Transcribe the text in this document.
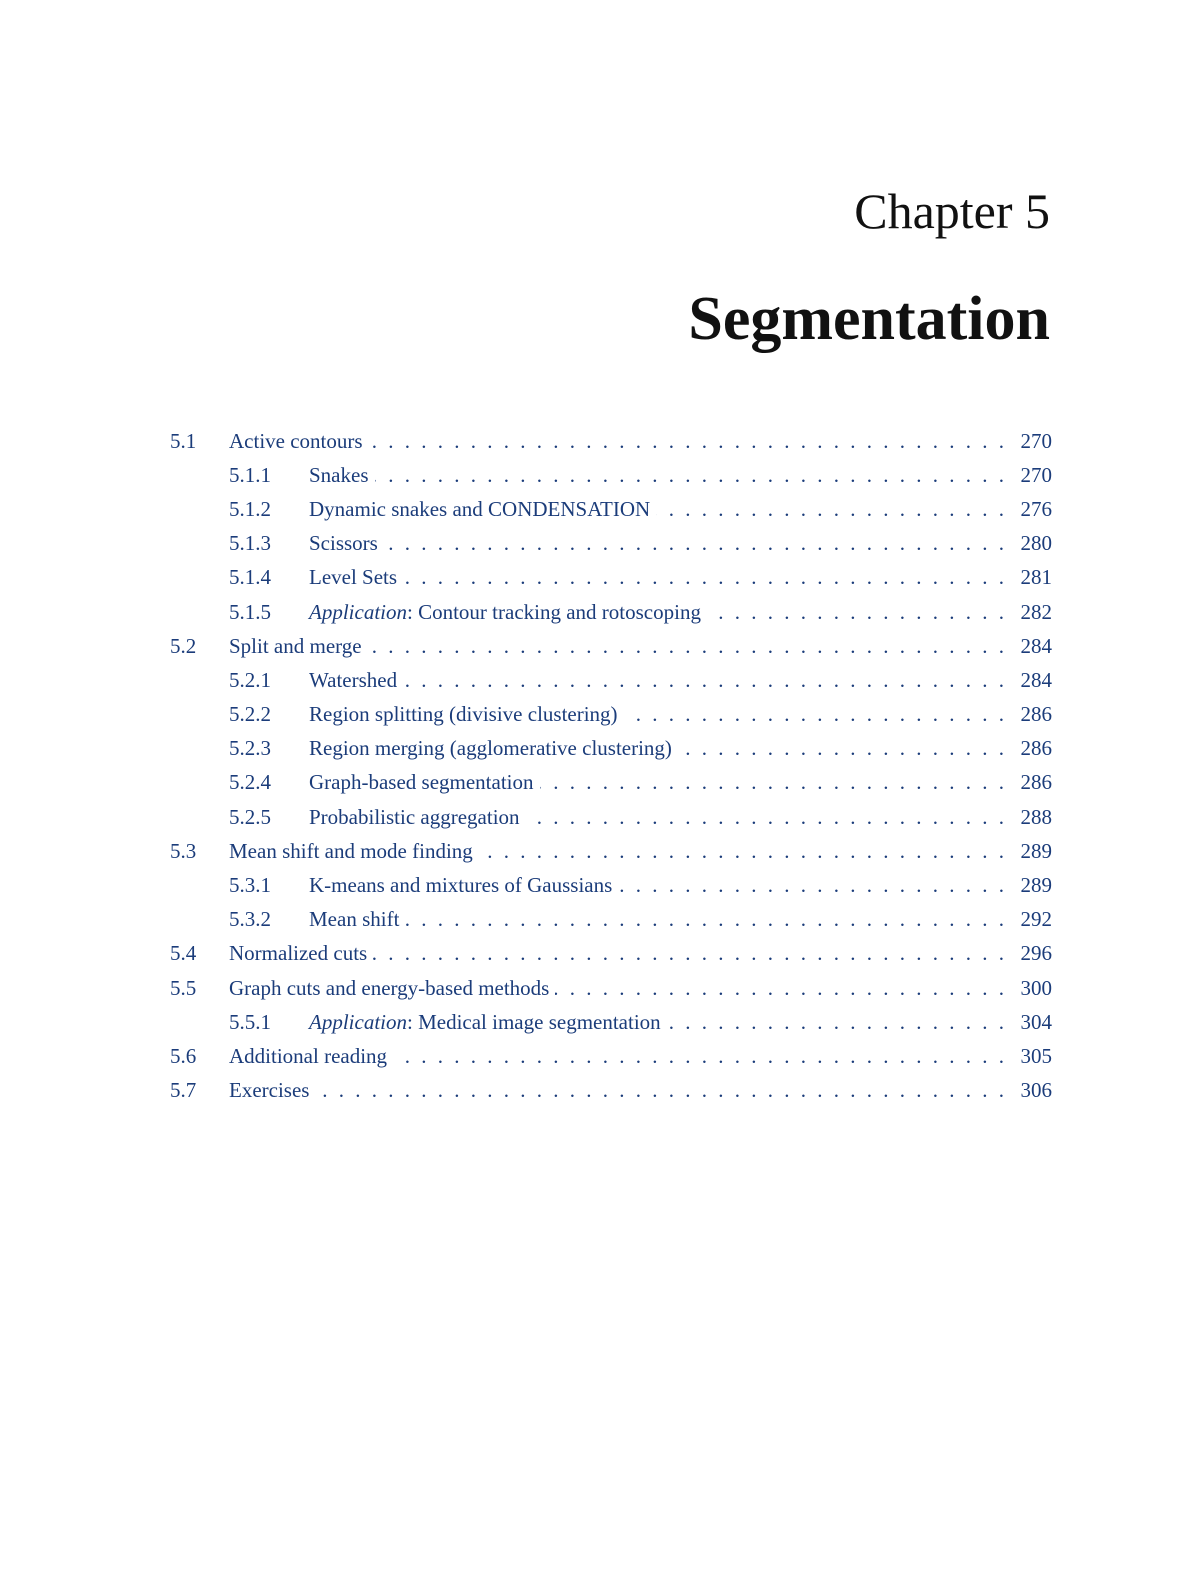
Chapter 5
Segmentation
5.1	Active contours . . .	270
5.1.1	Snakes . . .	270
5.1.2	Dynamic snakes and CONDENSATION . . .	276
5.1.3	Scissors . . .	280
5.1.4	Level Sets . . .	281
5.1.5	Application: Contour tracking and rotoscoping . . .	282
5.2	Split and merge . . .	284
5.2.1	Watershed . . .	284
5.2.2	Region splitting (divisive clustering) . . .	286
5.2.3	Region merging (agglomerative clustering) . . .	286
5.2.4	Graph-based segmentation . . .	286
5.2.5	Probabilistic aggregation . . .	288
5.3	Mean shift and mode finding . . .	289
5.3.1	K-means and mixtures of Gaussians . . .	289
5.3.2	Mean shift . . .	292
5.4	Normalized cuts . . .	296
5.5	Graph cuts and energy-based methods . . .	300
5.5.1	Application: Medical image segmentation . . .	304
5.6	Additional reading . . .	305
5.7	Exercises . . .	306
